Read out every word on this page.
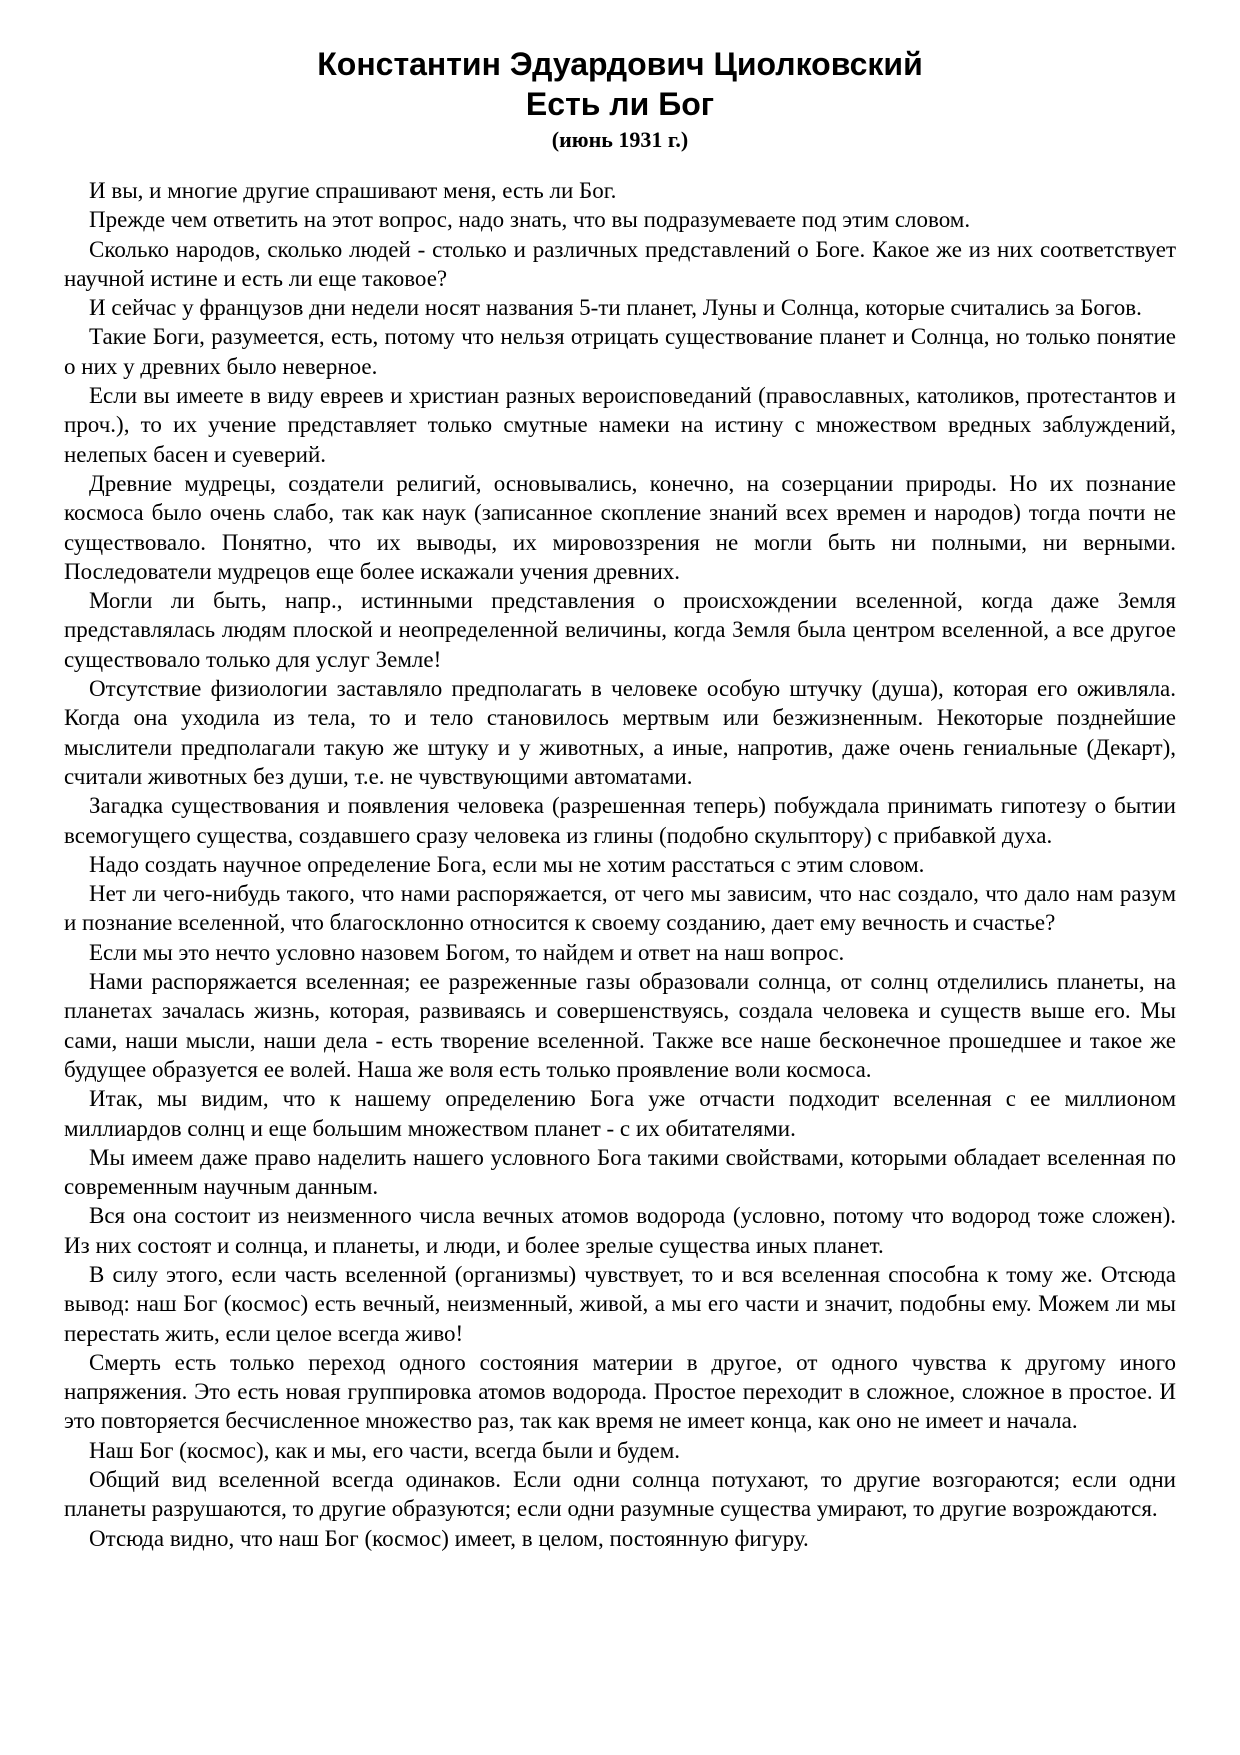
Константин Эдуардович Циолковский
Есть ли Бог
(июнь 1931 г.)

И вы, и многие другие спрашивают меня, есть ли Бог.

Прежде чем ответить на этот вопрос, надо знать, что вы подразумеваете под этим словом.

Сколько народов, сколько людей - столько и различных представлений о Боге. Какое же из них соответствует научной истине и есть ли еще таковое?

И сейчас у французов дни недели носят названия 5-ти планет, Луны и Солнца, которые считались за Богов.

Такие Боги, разумеется, есть, потому что нельзя отрицать существование планет и Солнца, но только понятие о них у древних было неверное.

Если вы имеете в виду евреев и христиан разных вероисповеданий (православных, католиков, протестантов и проч.), то их учение представляет только смутные намеки на истину с множеством вредных заблуждений, нелепых басен и суеверий.

Древние мудрецы, создатели религий, основывались, конечно, на созерцании природы. Но их познание космоса было очень слабо, так как наук (записанное скопление знаний всех времен и народов) тогда почти не существовало. Понятно, что их выводы, их мировоззрения не могли быть ни полными, ни верными. Последователи мудрецов еще более искажали учения древних.

Могли ли быть, напр., истинными представления о происхождении вселенной, когда даже Земля представлялась людям плоской и неопределенной величины, когда Земля была центром вселенной, а все другое существовало только для услуг Земле!

Отсутствие физиологии заставляло предполагать в человеке особую штучку (душа), которая его оживляла. Когда она уходила из тела, то и тело становилось мертвым или безжизненным. Некоторые позднейшие мыслители предполагали такую же штуку и у животных, а иные, напротив, даже очень гениальные (Декарт), считали животных без души, т.е. не чувствующими автоматами.

Загадка существования и появления человека (разрешенная теперь) побуждала принимать гипотезу о бытии всемогущего существа, создавшего сразу человека из глины (подобно скульптору) с прибавкой духа.

Надо создать научное определение Бога, если мы не хотим расстаться с этим словом.

Нет ли чего-нибудь такого, что нами распоряжается, от чего мы зависим, что нас создало, что дало нам разум и познание вселенной, что благосклонно относится к своему созданию, дает ему вечность и счастье?

Если мы это нечто условно назовем Богом, то найдем и ответ на наш вопрос.

Нами распоряжается вселенная; ее разреженные газы образовали солнца, от солнц отделились планеты, на планетах зачалась жизнь, которая, развиваясь и совершенствуясь, создала человека и существ выше его. Мы сами, наши мысли, наши дела - есть творение вселенной. Также все наше бесконечное прошедшее и такое же будущее образуется ее волей. Наша же воля есть только проявление воли космоса.

Итак, мы видим, что к нашему определению Бога уже отчасти подходит вселенная с ее миллионом миллиардов солнц и еще большим множеством планет - с их обитателями.

Мы имеем даже право наделить нашего условного Бога такими свойствами, которыми обладает вселенная по современным научным данным.

Вся она состоит из неизменного числа вечных атомов водорода (условно, потому что водород тоже сложен). Из них состоят и солнца, и планеты, и люди, и более зрелые существа иных планет.

В силу этого, если часть вселенной (организмы) чувствует, то и вся вселенная способна к тому же. Отсюда вывод: наш Бог (космос) есть вечный, неизменный, живой, а мы его части и значит, подобны ему. Можем ли мы перестать жить, если целое всегда живо!

Смерть есть только переход одного состояния материи в другое, от одного чувства к другому иного напряжения. Это есть новая группировка атомов водорода. Простое переходит в сложное, сложное в простое. И это повторяется бесчисленное множество раз, так как время не имеет конца, как оно не имеет и начала.

Наш Бог (космос), как и мы, его части, всегда были и будем.

Общий вид вселенной всегда одинаков. Если одни солнца потухают, то другие возгораются; если одни планеты разрушаются, то другие образуются; если одни разумные существа умирают, то другие возрождаются.

Отсюда видно, что наш Бог (космос) имеет, в целом, постоянную фигуру.
